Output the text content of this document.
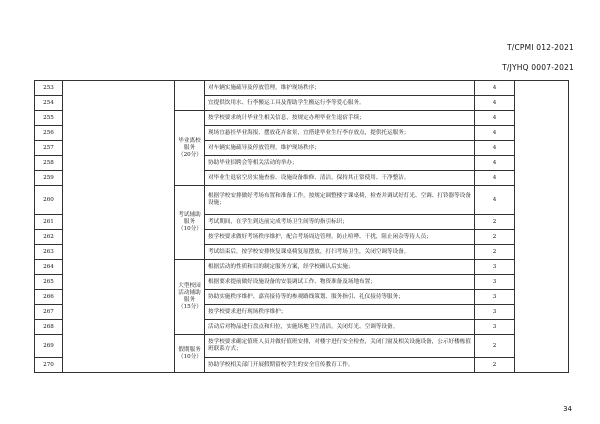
T/CPMI 012-2021
T/JYHQ 0007-2021
253			对车辆实施疏导及停放管理，维护现场秩序；	4	
254			宜提供饮用水、行李搬运工具及帮助学生搬运行李等爱心服务。	4	
255		毕业离校服务（20分）	按学校要求统计毕业生相关信息，按规定办理毕业生退宿手续；	4	
256			现场宜悬挂毕业海报、摆放花卉盆景，宜搭建毕业生行李存放点，提供托运服务；	4	
257			对车辆实施疏导及停放管理，维护现场秩序；	4	
258			协助毕业招聘会等相关活动的举办；	4	
259			对毕业生退宿空房实施查验、设施设备维修、清洁，保持其正常使用、干净整洁。	4	
260		考试辅助服务（10分）	根据学校安排做好考场布置和准备工作，按规定调整楼宇课桌椅，检查并调试好灯光、空调、打铃器等设备设施；	4	
261			考试期间，在学生到达前完成考场卫生间等的指引标识；	2	
262			按学校要求做好考场秩序维护，配合考场周边管理，防止喧哗、干扰，阻止闲杂等待人员；	2	
263			考试结束后，按学校安排恢复课桌椅复原摆放，打扫考场卫生，关闭空调等设备。	2	
264		大型校园活动辅助服务（15分）	根据活动的性质和目的制定服务方案，经学校确认后实施；	3	
265			根据要求提前做好设施设备的安装调试工作、物资准备及场地布置；	3	
266			协助实施秩序维护、嘉宾接待等的参观路线策划、服务指引、礼仪接待等服务；	3	
267			按学校要求进行现场秩序维护；	3	
268			活动后对物品进行盘点和归位，实施场地卫生清洁，关闭灯光、空调等设备。	3	
269		假期服务（10分）	按学校要求确定值班人员并做好值班安排，对楼宇进行安全检查，关闭门窗及相关设施设备，公示好楼栋值班联系方式；	2	
270			协助学校相关部门开展假期留校学生的安全宣传教育工作。	2	
34
